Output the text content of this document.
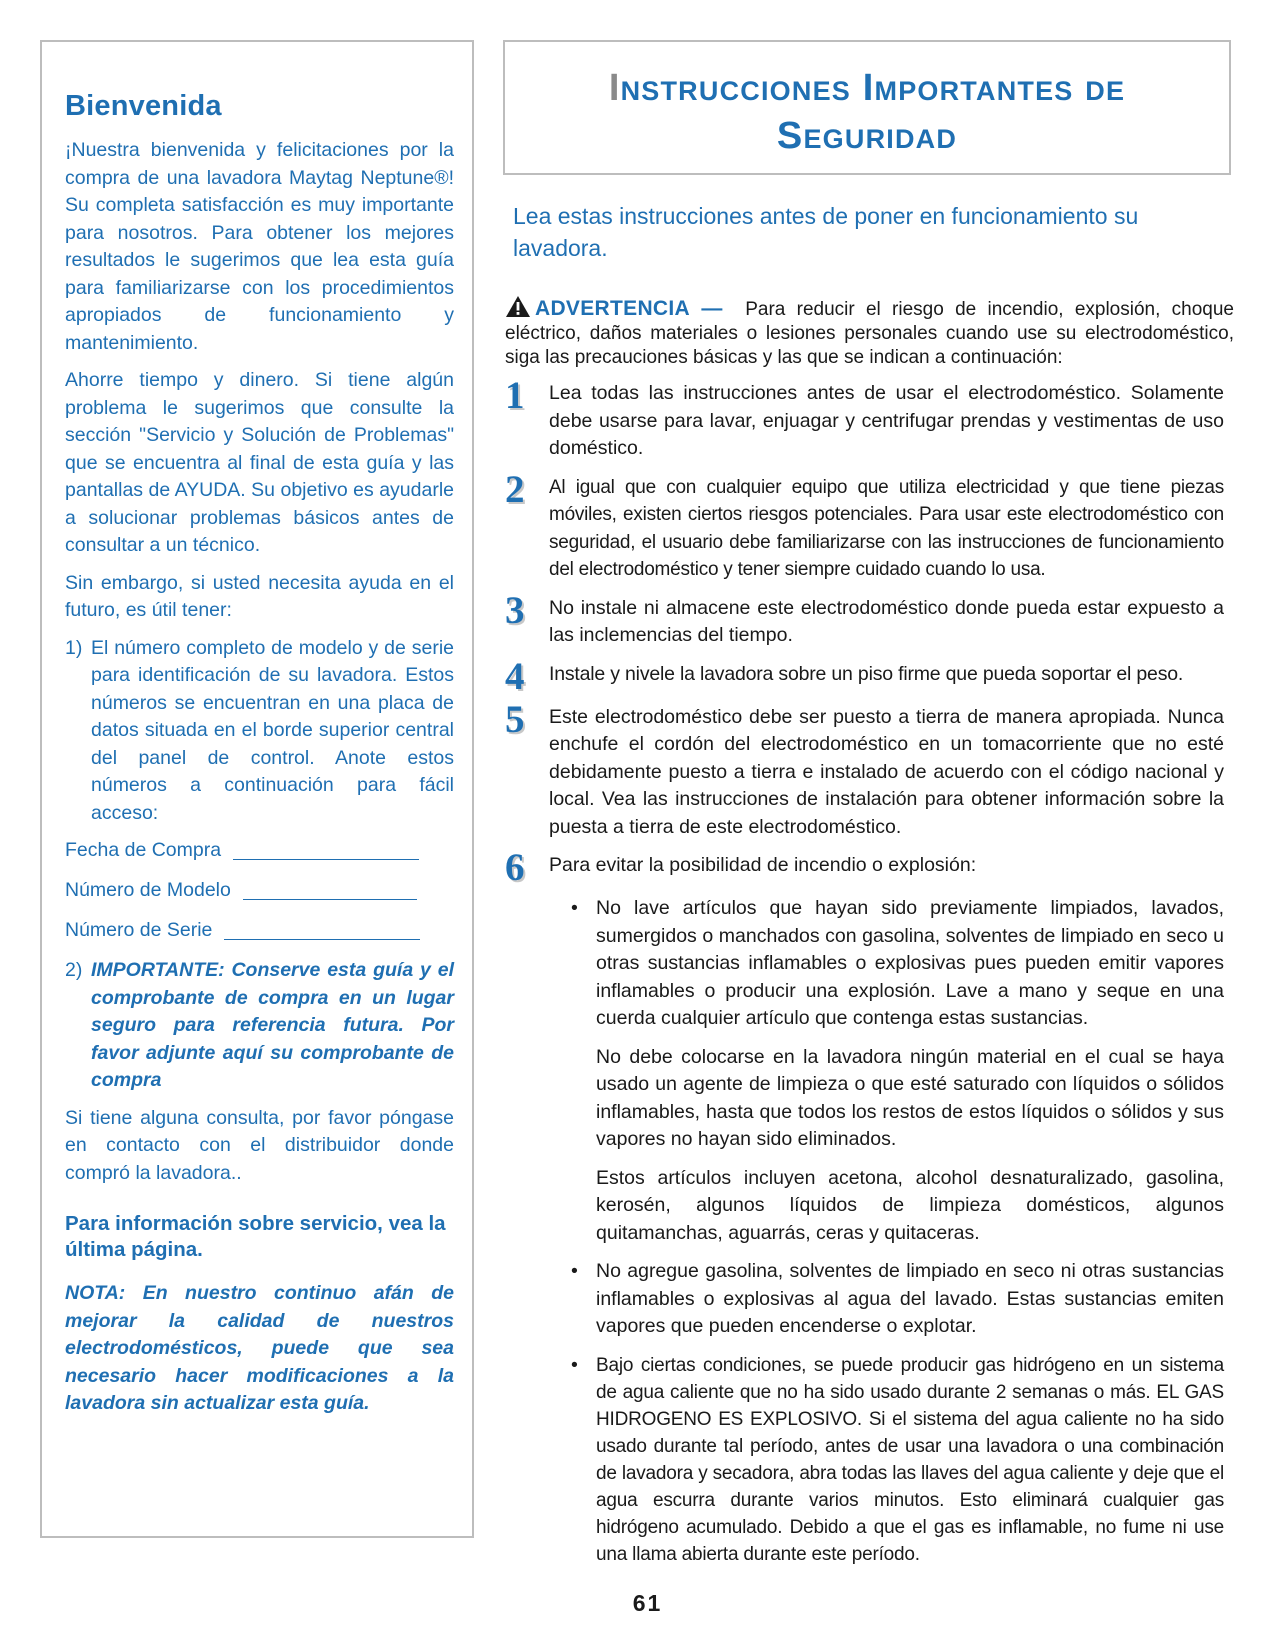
Bienvenida

¡Nuestra bienvenida y felicitaciones por la compra de una lavadora Maytag Neptune®! Su completa satisfacción es muy importante para nosotros. Para obtener los mejores resultados le sugerimos que lea esta guía para familiarizarse con los procedimientos apropiados de funcionamiento y mantenimiento.

Ahorre tiempo y dinero. Si tiene algún problema le sugerimos que consulte la sección "Servicio y Solución de Problemas" que se encuentra al final de esta guía y las pantallas de AYUDA. Su objetivo es ayudarle a solucionar problemas básicos antes de consultar a un técnico.

Sin embargo, si usted necesita ayuda en el futuro, es útil tener:

1) El número completo de modelo y de serie para identificación de su lavadora. Estos números se encuentran en una placa de datos situada en el borde superior central del panel de control. Anote estos números a continuación para fácil acceso:

Fecha de Compra
Número de Modelo
Número de Serie

2) IMPORTANTE: Conserve esta guía y el comprobante de compra en un lugar seguro para referencia futura. Por favor adjunte aquí su comprobante de compra

Si tiene alguna consulta, por favor póngase en contacto con el distribuidor donde compró la lavadora..

Para información sobre servicio, vea la última página.

NOTA: En nuestro continuo afán de mejorar la calidad de nuestros electrodomésticos, puede que sea necesario hacer modificaciones a la lavadora sin actualizar esta guía.

Instrucciones Importantes de Seguridad

Lea estas instrucciones antes de poner en funcionamiento su lavadora.

ADVERTENCIA — Para reducir el riesgo de incendio, explosión, choque eléctrico, daños materiales o lesiones personales cuando use su electrodoméstico, siga las precauciones básicas y las que se indican a continuación:

1	Lea todas las instrucciones antes de usar el electrodoméstico. Solamente debe usarse para lavar, enjuagar y centrifugar prendas y vestimentas de uso doméstico.

2	Al igual que con cualquier equipo que utiliza electricidad y que tiene piezas móviles, existen ciertos riesgos potenciales. Para usar este electrodoméstico con seguridad, el usuario debe familiarizarse con las instrucciones de funcionamiento del electrodoméstico y tener siempre cuidado cuando lo usa.

3	No instale ni almacene este electrodoméstico donde pueda estar expuesto a las inclemencias del tiempo.

4	Instale y nivele la lavadora sobre un piso firme que pueda soportar el peso.

5	Este electrodoméstico debe ser puesto a tierra de manera apropiada. Nunca enchufe el cordón del electrodoméstico en un tomacorriente que no esté debidamente puesto a tierra e instalado de acuerdo con el código nacional y local. Vea las instrucciones de instalación para obtener información sobre la puesta a tierra de este electrodoméstico.

6	Para evitar la posibilidad de incendio o explosión:

• No lave artículos que hayan sido previamente limpiados, lavados, sumergidos o manchados con gasolina, solventes de limpiado en seco u otras sustancias inflamables o explosivas pues pueden emitir vapores inflamables o producir una explosión. Lave a mano y seque en una cuerda cualquier artículo que contenga estas sustancias.

No debe colocarse en la lavadora ningún material en el cual se haya usado un agente de limpieza o que esté saturado con líquidos o sólidos inflamables, hasta que todos los restos de estos líquidos o sólidos y sus vapores no hayan sido eliminados.

Estos artículos incluyen acetona, alcohol desnaturalizado, gasolina, kerosén, algunos líquidos de limpieza domésticos, algunos quitamanchas, aguarrás, ceras y quitaceras.

• No agregue gasolina, solventes de limpiado en seco ni otras sustancias inflamables o explosivas al agua del lavado. Estas sustancias emiten vapores que pueden encenderse o explotar.

• Bajo ciertas condiciones, se puede producir gas hidrógeno en un sistema de agua caliente que no ha sido usado durante 2 semanas o más. EL GAS HIDROGENO ES EXPLOSIVO. Si el sistema del agua caliente no ha sido usado durante tal período, antes de usar una lavadora o una combinación de lavadora y secadora, abra todas las llaves del agua caliente y deje que el agua escurra durante varios minutos. Esto eliminará cualquier gas hidrógeno acumulado. Debido a que el gas es inflamable, no fume ni use una llama abierta durante este período.

61
